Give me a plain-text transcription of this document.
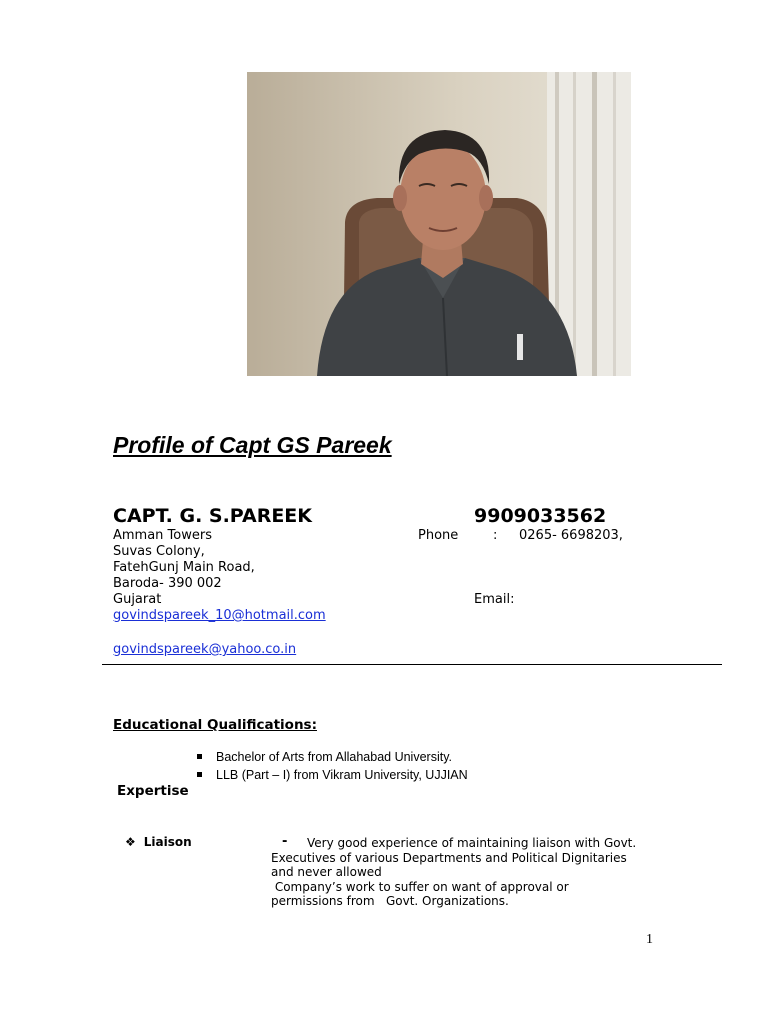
Profile of Capt GS Pareek
CAPT. G. S.PAREEK	9909033562
Amman Towers
Suvas Colony,
FatehGunj Main Road,
Baroda- 390 002
Gujarat
Phone	: 0265- 6698203,
Email:
govindspareek_10@hotmail.com
govindspareek@yahoo.co.in
Educational Qualifications:
Bachelor of Arts from Allahabad University.
LLB (Part – I) from Vikram University, UJJIAN
Expertise
❖ Liaison	- Very good experience of maintaining liaison with Govt.
Executives of various Departments and Political Dignitaries
and never allowed
Company’s work to suffer on want of approval or
permissions from   Govt. Organizations.
1
